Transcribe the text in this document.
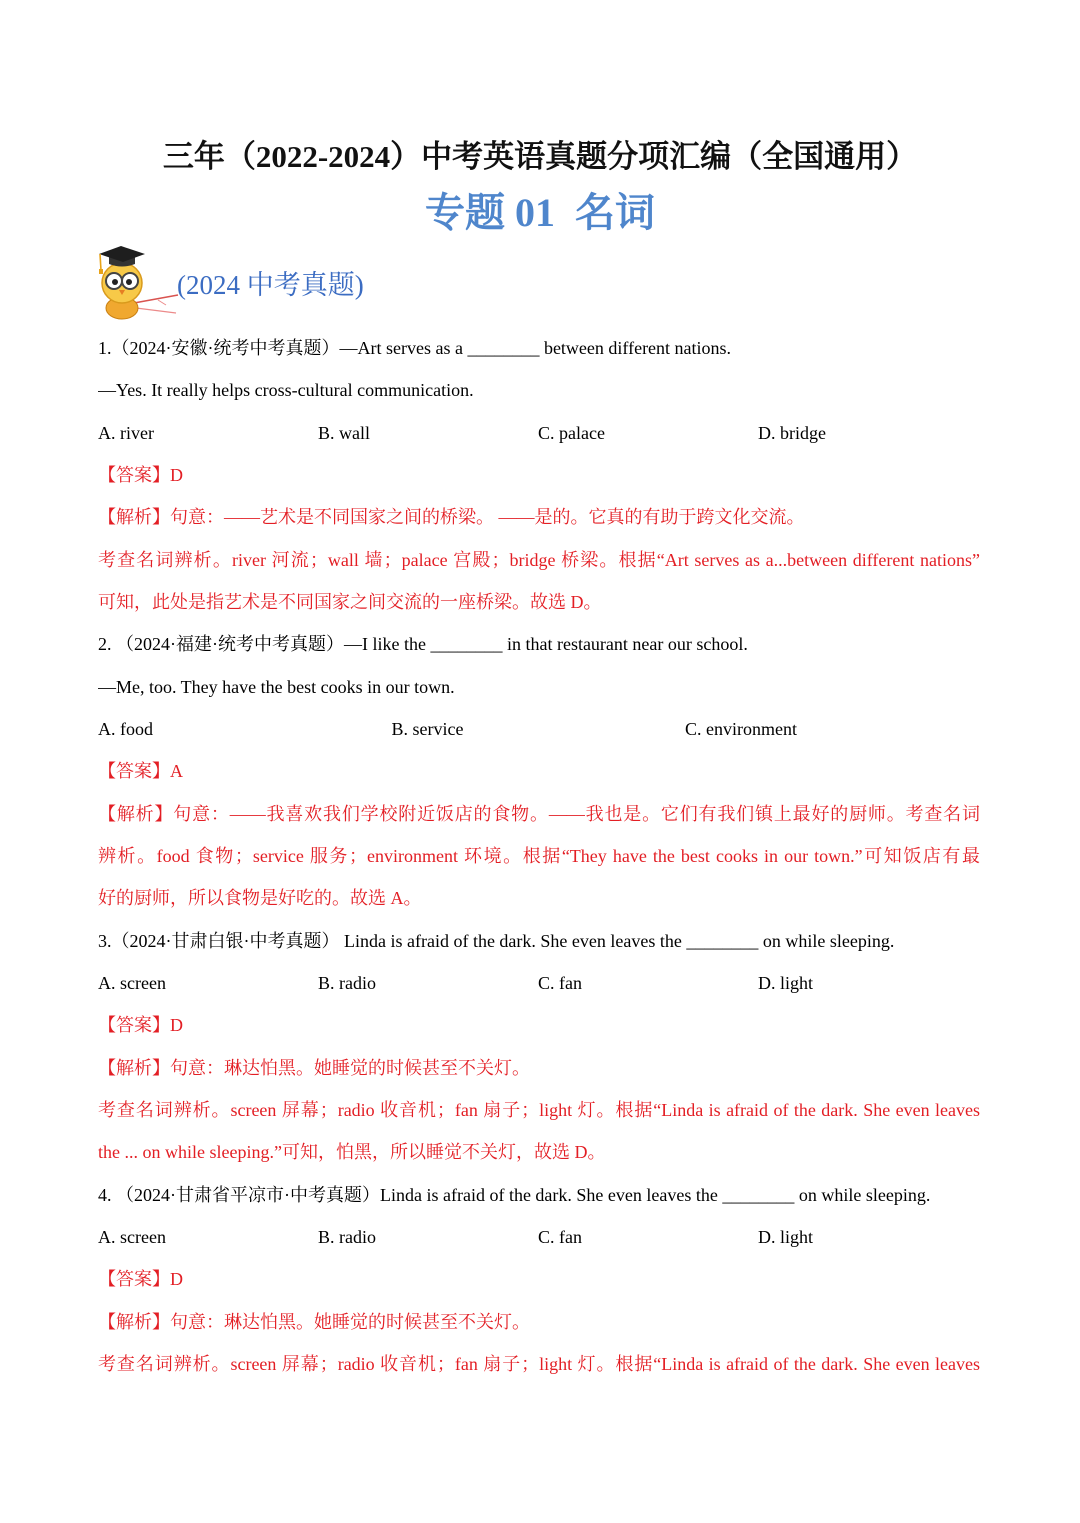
三年（2022-2024）中考英语真题分项汇编（全国通用）
专题 01  名词
(2024 中考真题)
1.（2024·安徽·统考中考真题）—Art serves as a ________ between different nations.
—Yes. It really helps cross-cultural communication.
A. river	B. wall	C. palace	D. bridge
【答案】D
【解析】句意：——艺术是不同国家之间的桥梁。 ——是的。它真的有助于跨文化交流。
考查名词辨析。river 河流；wall 墙；palace 宫殿；bridge 桥梁。根据“Art serves as a...between different nations”
可知，此处是指艺术是不同国家之间交流的一座桥梁。故选 D。
2. （2024·福建·统考中考真题）—I like the ________ in that restaurant near our school.
—Me, too. They have the best cooks in our town.
A. food	B. service	C. environment
【答案】A
【解析】句意：——我喜欢我们学校附近饭店的食物。——我也是。它们有我们镇上最好的厨师。考查名词
辨析。food 食物；service 服务；environment 环境。根据“They have the best cooks in our town.”可知饭店有最
好的厨师，所以食物是好吃的。故选 A。
3.（2024·甘肃白银·中考真题） Linda is afraid of the dark. She even leaves the ________ on while sleeping.
A. screen	B. radio	C. fan	D. light
【答案】D
【解析】句意：琳达怕黑。她睡觉的时候甚至不关灯。
考查名词辨析。screen 屏幕；radio 收音机；fan 扇子；light 灯。根据“Linda is afraid of the dark. She even leaves
the ... on while sleeping.”可知，怕黑，所以睡觉不关灯，故选 D。
4. （2024·甘肃省平凉市·中考真题）Linda is afraid of the dark. She even leaves the ________ on while sleeping.
A. screen	B. radio	C. fan	D. light
【答案】D
【解析】句意：琳达怕黑。她睡觉的时候甚至不关灯。
考查名词辨析。screen 屏幕；radio 收音机；fan 扇子；light 灯。根据“Linda is afraid of the dark. She even leaves
